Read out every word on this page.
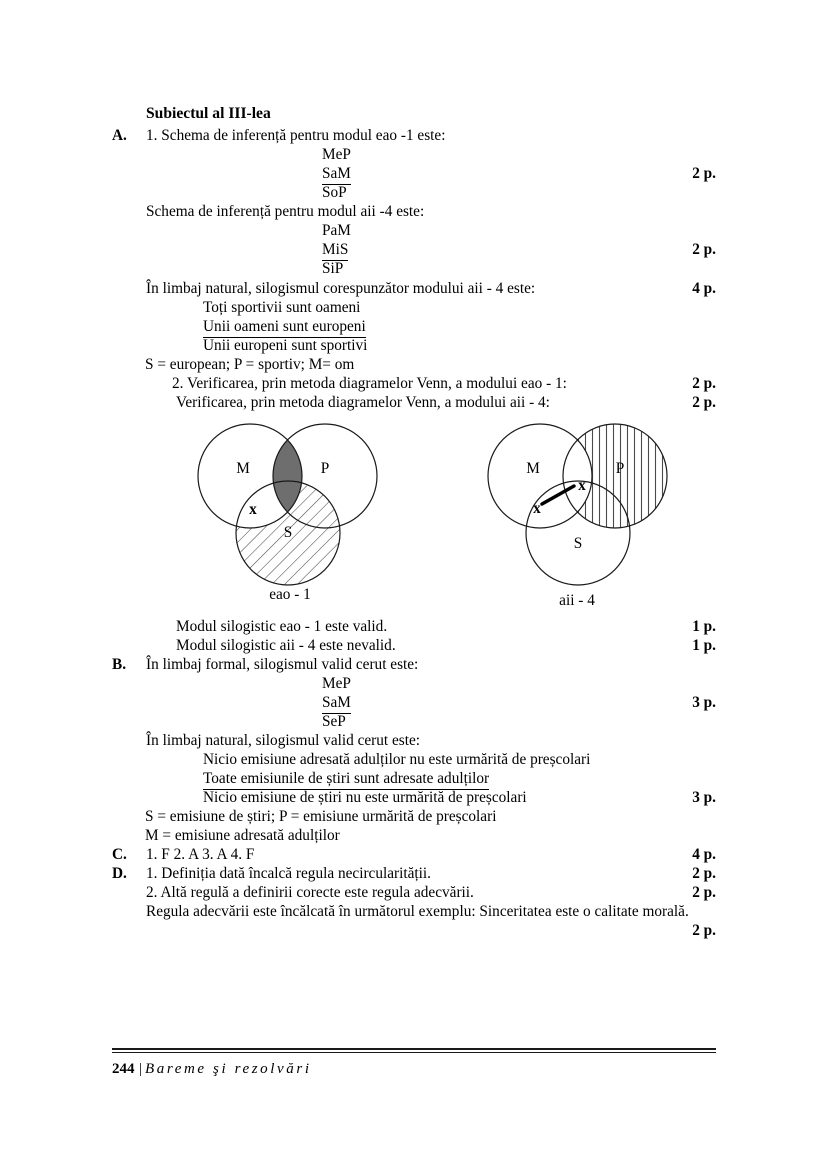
Subiectul al III-lea
A. 1. Schema de inferență pentru modul eao -1 este:
MeP
SaM	2 p.
SoP
Schema de inferență pentru modul aii -4 este:
PaM
MiS	2 p.
SiP
În limbaj natural, silogismul corespunzător modului aii - 4 este:	4 p.
Toți sportivii sunt oameni
Unii oameni sunt europeni
Unii europeni sunt sportivi
S = european; P = sportiv; M= om
2. Verificarea, prin metoda diagramelor Venn, a modului eao - 1:	2 p.
Verificarea, prin metoda diagramelor Venn, a modului aii - 4:	2 p.
M	P
S
x
eao - 1
M	P
S
x
x
aii - 4
Modul silogistic eao - 1 este valid.	1 p.
Modul silogistic aii - 4 este nevalid.	1 p.
B. În limbaj formal, silogismul valid cerut este:
MeP
SaM	3 p.
SeP
În limbaj natural, silogismul valid cerut este:
Nicio emisiune adresată adulților nu este urmărită de preșcolari
Toate emisiunile de știri sunt adresate adulților
Nicio emisiune de știri nu este urmărită de preșcolari	3 p.
S = emisiune de știri; P = emisiune urmărită de preșcolari
M = emisiune adresată adulților
C. 1. F 2. A 3. A 4. F	4 p.
D. 1. Definiția dată încalcă regula necircularității.	2 p.
2. Altă regulă a definirii corecte este regula adecvării.	2 p.
Regula adecvării este încălcată în următorul exemplu: Sinceritatea este o calitate morală.
2 p.
244 |Bareme şi rezolvări
